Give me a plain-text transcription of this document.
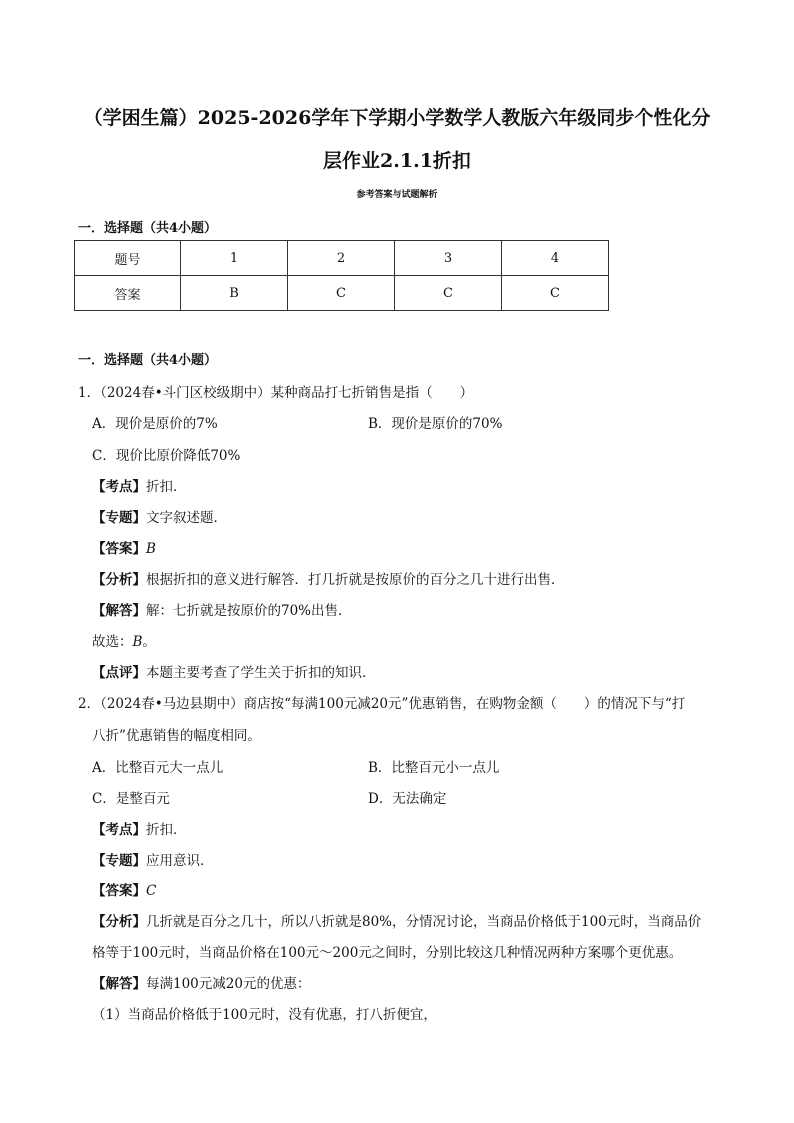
（学困生篇）2025-2026学年下学期小学数学人教版六年级同步个性化分
层作业2.1.1折扣
参考答案与试题解析
一．选择题（共4小题）
题号	1	2	3	4
答案	B	C	C	C
一．选择题（共4小题）
1．（2024春•斗门区校级期中）某种商品打七折销售是指（　　）
A．现价是原价的7%	B．现价是原价的70%
C．现价比原价降低70%
【考点】折扣．
【专题】文字叙述题．
【答案】B
【分析】根据折扣的意义进行解答．打几折就是按原价的百分之几十进行出售．
【解答】解：七折就是按原价的70%出售．
故选：B。
【点评】本题主要考查了学生关于折扣的知识．
2．（2024春•马边县期中）商店按“每满100元减20元”优惠销售，在购物金额（　　）的情况下与“打
八折”优惠销售的幅度相同。
A．比整百元大一点儿	B．比整百元小一点儿
C．是整百元	D．无法确定
【考点】折扣．
【专题】应用意识．
【答案】C
【分析】几折就是百分之几十，所以八折就是80%，分情况讨论，当商品价格低于100元时，当商品价
格等于100元时，当商品价格在100元～200元之间时，分别比较这几种情况两种方案哪个更优惠。
【解答】每满100元减20元的优惠：
（1）当商品价格低于100元时，没有优惠，打八折便宜，
